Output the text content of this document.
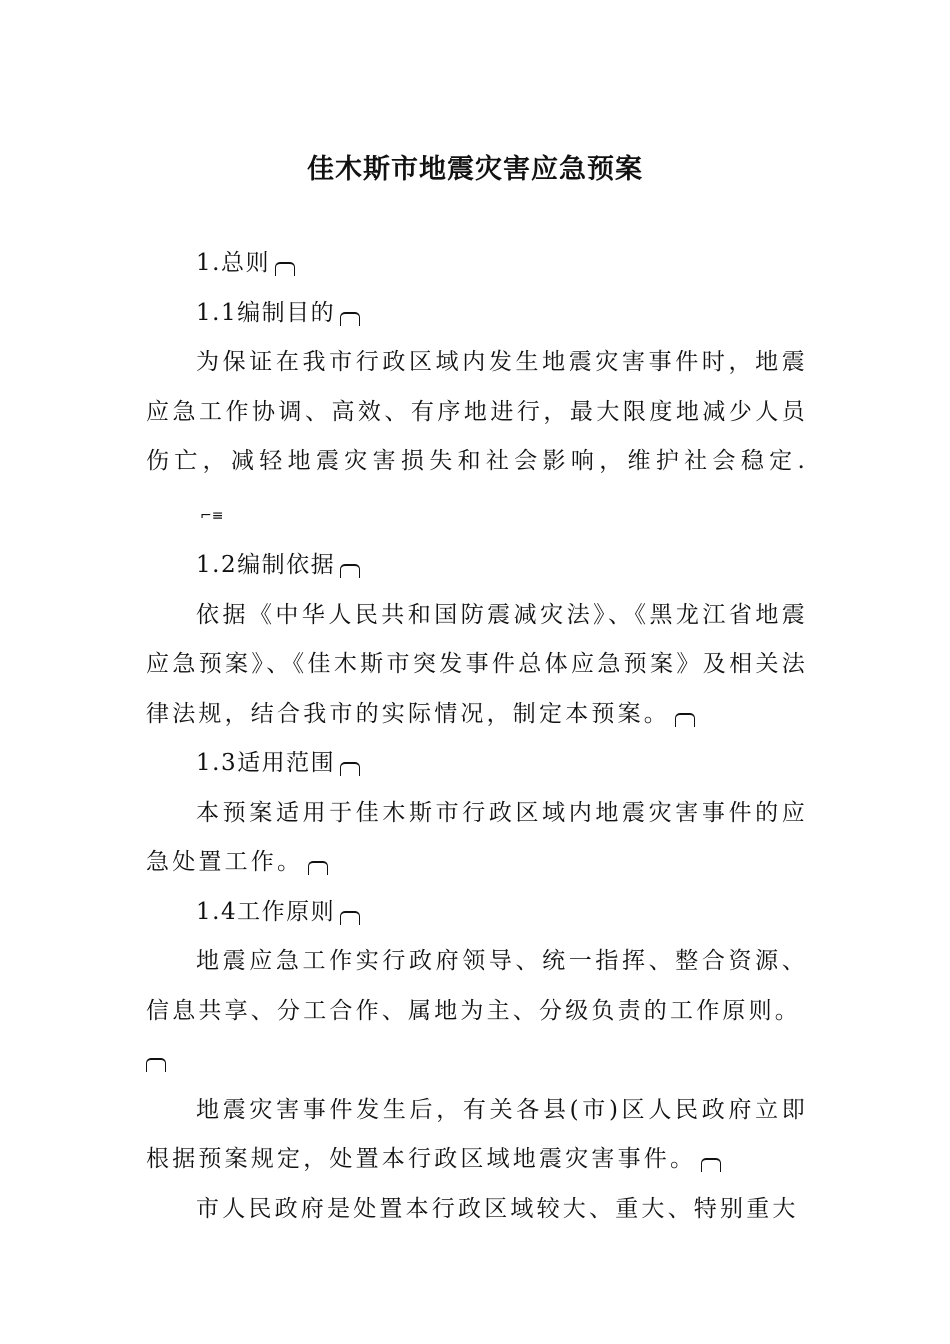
佳木斯市地震灾害应急预案

1.总则

1.1编制目的

为保证在我市行政区域内发生地震灾害事件时，地震应急工作协调、高效、有序地进行，最大限度地减少人员伤亡，减轻地震灾害损失和社会影响，维护社会稳定.⌐≡

1.2编制依据

依据《中华人民共和国防震减灾法》、《黑龙江省地震应急预案》、《佳木斯市突发事件总体应急预案》及相关法律法规，结合我市的实际情况，制定本预案。

1.3适用范围

本预案适用于佳木斯市行政区域内地震灾害事件的应急处置工作。

1.4工作原则

地震应急工作实行政府领导、统一指挥、整合资源、信息共享、分工合作、属地为主、分级负责的工作原则。

地震灾害事件发生后，有关各县(市)区人民政府立即根据预案规定，处置本行政区域地震灾害事件。

市人民政府是处置本行政区域较大、重大、特别重大
